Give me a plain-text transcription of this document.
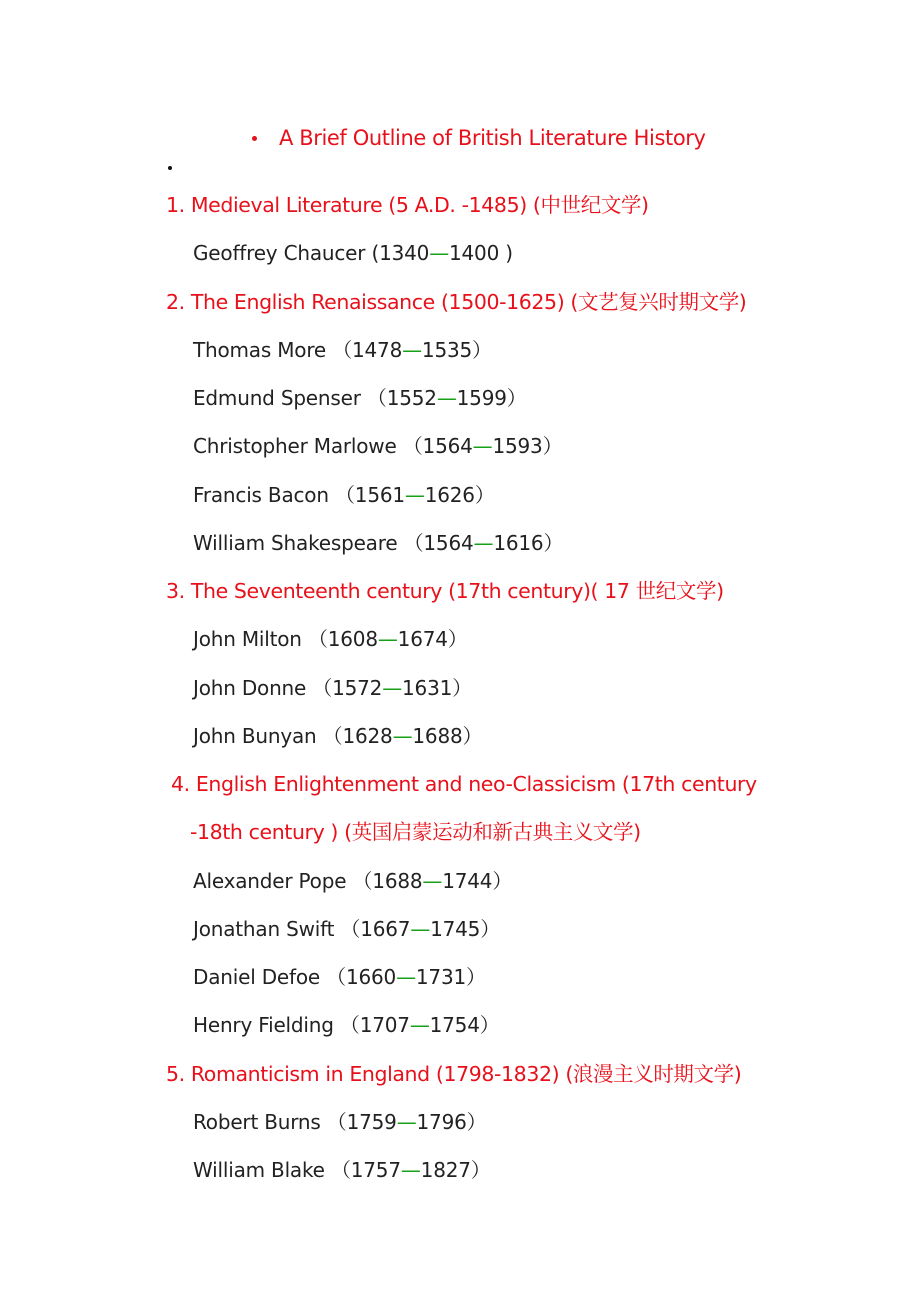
A Brief Outline of British Literature History
1. Medieval Literature (5 A.D. -1485) (中世纪文学)
Geoffrey Chaucer (1340—1400 )
2. The English Renaissance (1500-1625) (文艺复兴时期文学)
Thomas More （1478—1535）
Edmund Spenser （1552—1599）
Christopher Marlowe （1564—1593）
Francis Bacon （1561—1626）
William Shakespeare （1564—1616）
3. The Seventeenth century (17th century)( 17 世纪文学)
John Milton （1608—1674）
John Donne （1572—1631）
John Bunyan （1628—1688）
4. English Enlightenment and neo-Classicism (17th century
-18th century ) (英国启蒙运动和新古典主义文学)
Alexander Pope （1688—1744）
Jonathan Swift （1667—1745）
Daniel Defoe （1660—1731）
Henry Fielding （1707—1754）
5. Romanticism in England (1798-1832) (浪漫主义时期文学)
Robert Burns （1759—1796）
William Blake （1757—1827）
